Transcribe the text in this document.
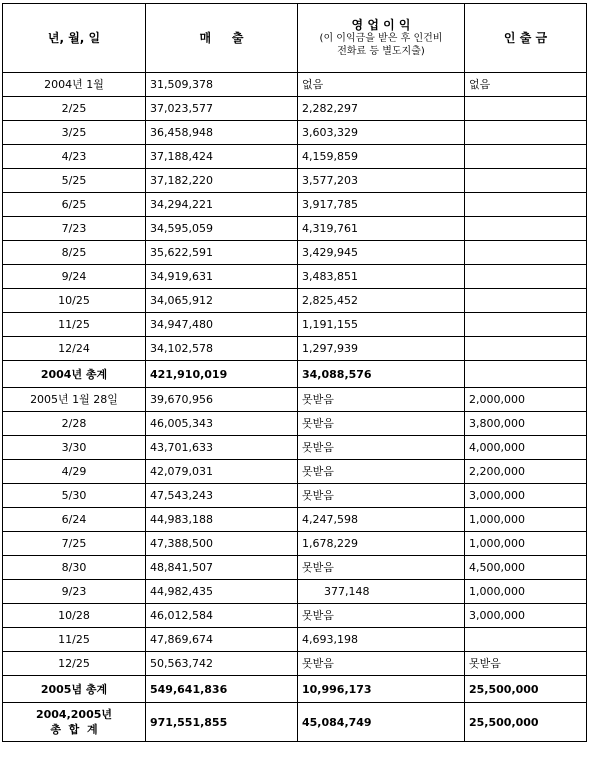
년, 월, 일	매     출	영 업 이 익
(이 이익금을 받은 후 인건비
전화료 등 별도지출)	인 출 금
2004년 1월	31,509,378	없음	없음
2/25	37,023,577	2,282,297	
3/25	36,458,948	3,603,329	
4/23	37,188,424	4,159,859	
5/25	37,182,220	3,577,203	
6/25	34,294,221	3,917,785	
7/23	34,595,059	4,319,761	
8/25	35,622,591	3,429,945	
9/24	34,919,631	3,483,851	
10/25	34,065,912	2,825,452	
11/25	34,947,480	1,191,155	
12/24	34,102,578	1,297,939	
2004년 총계	421,910,019	34,088,576	
2005년 1월 28일	39,670,956	못받음	2,000,000
2/28	46,005,343	못받음	3,800,000
3/30	43,701,633	못받음	4,000,000
4/29	42,079,031	못받음	2,200,000
5/30	47,543,243	못받음	3,000,000
6/24	44,983,188	4,247,598	1,000,000
7/25	47,388,500	1,678,229	1,000,000
8/30	48,841,507	못받음	4,500,000
9/23	44,982,435	377,148	1,000,000
10/28	46,012,584	못받음	3,000,000
11/25	47,869,674	4,693,198	
12/25	50,563,742	못받음	못받음
2005념 총계	549,641,836	10,996,173	25,500,000

2004,2005년
총  합  계	971,551,855	45,084,749	25,500,000
